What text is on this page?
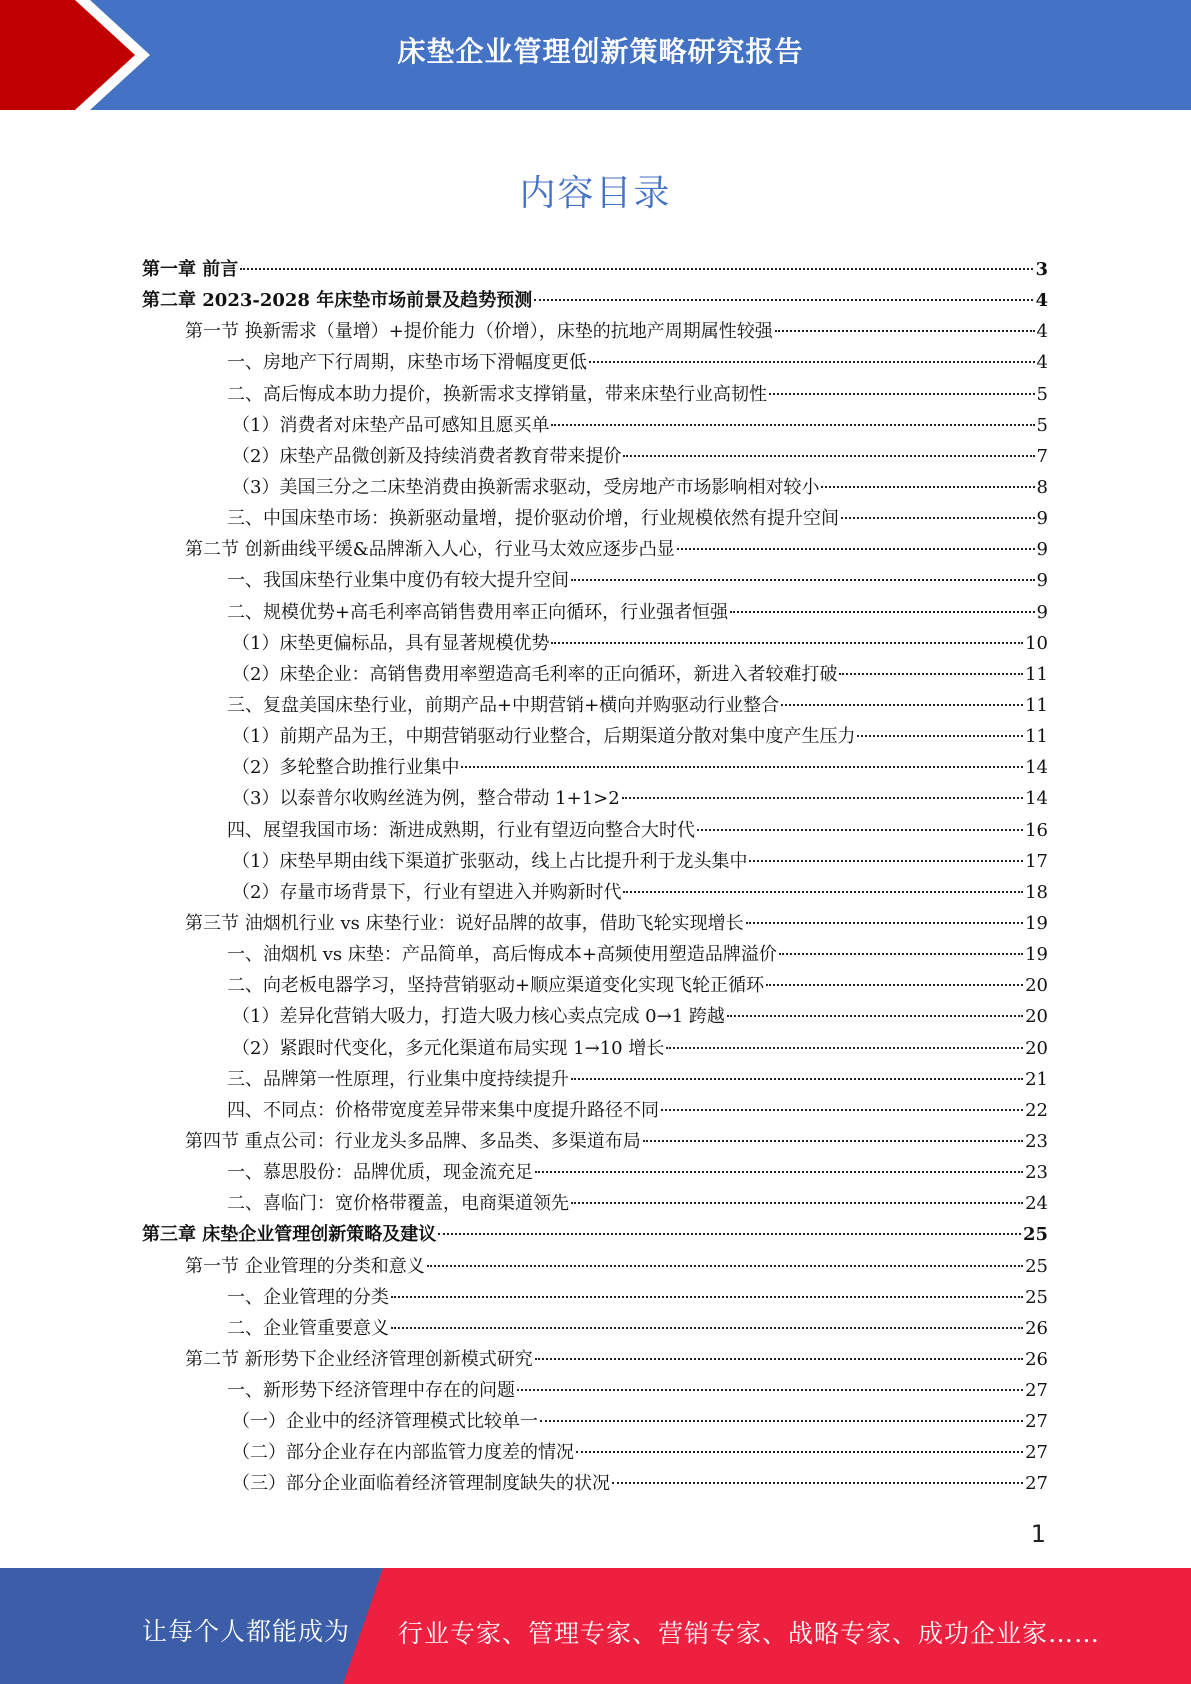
床垫企业管理创新策略研究报告
内容目录
第一章 前言	3
第二章 2023-2028 年床垫市场前景及趋势预测	4
第一节 换新需求（量增）+提价能力（价增），床垫的抗地产周期属性较强	4
一、房地产下行周期，床垫市场下滑幅度更低	4
二、高后悔成本助力提价，换新需求支撑销量，带来床垫行业高韧性	5
（1）消费者对床垫产品可感知且愿买单	5
（2）床垫产品微创新及持续消费者教育带来提价	7
（3）美国三分之二床垫消费由换新需求驱动，受房地产市场影响相对较小	8
三、中国床垫市场：换新驱动量增，提价驱动价增，行业规模依然有提升空间	9
第二节 创新曲线平缓&品牌渐入人心，行业马太效应逐步凸显	9
一、我国床垫行业集中度仍有较大提升空间	9
二、规模优势+高毛利率高销售费用率正向循环，行业强者恒强	9
（1）床垫更偏标品，具有显著规模优势	10
（2）床垫企业：高销售费用率塑造高毛利率的正向循环，新进入者较难打破	11
三、复盘美国床垫行业，前期产品+中期营销+横向并购驱动行业整合	11
（1）前期产品为王，中期营销驱动行业整合，后期渠道分散对集中度产生压力	11
（2）多轮整合助推行业集中	14
（3）以泰普尔收购丝涟为例，整合带动 1+1>2	14
四、展望我国市场：渐进成熟期，行业有望迈向整合大时代	16
（1）床垫早期由线下渠道扩张驱动，线上占比提升利于龙头集中	17
（2）存量市场背景下，行业有望进入并购新时代	18
第三节 油烟机行业 vs 床垫行业：说好品牌的故事，借助飞轮实现增长	19
一、油烟机 vs 床垫：产品简单，高后悔成本+高频使用塑造品牌溢价	19
二、向老板电器学习，坚持营销驱动+顺应渠道变化实现飞轮正循环	20
（1）差异化营销大吸力，打造大吸力核心卖点完成 0→1 跨越	20
（2）紧跟时代变化，多元化渠道布局实现 1→10 增长	20
三、品牌第一性原理，行业集中度持续提升	21
四、不同点：价格带宽度差异带来集中度提升路径不同	22
第四节 重点公司：行业龙头多品牌、多品类、多渠道布局	23
一、慕思股份：品牌优质，现金流充足	23
二、喜临门：宽价格带覆盖，电商渠道领先	24
第三章 床垫企业管理创新策略及建议	25
第一节 企业管理的分类和意义	25
一、企业管理的分类	25
二、企业管重要意义	26
第二节 新形势下企业经济管理创新模式研究	26
一、新形势下经济管理中存在的问题	27
（一）企业中的经济管理模式比较单一	27
（二）部分企业存在内部监管力度差的情况	27
（三）部分企业面临着经济管理制度缺失的状况	27
1
让每个人都能成为 行业专家、管理专家、营销专家、战略专家、成功企业家……
